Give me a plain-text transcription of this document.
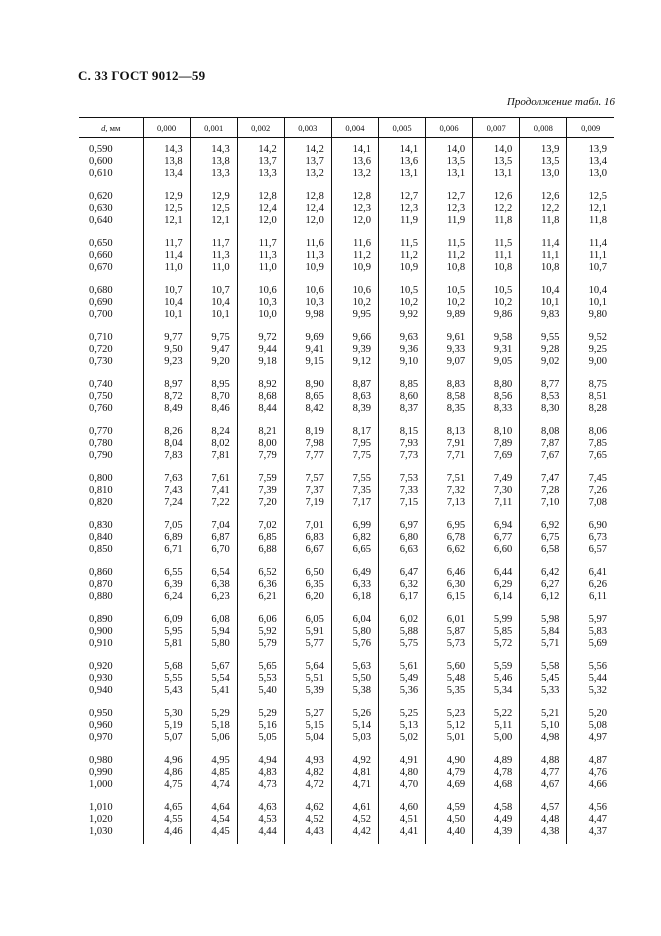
С. 33 ГОСТ 9012—59
Продолжение табл. 16
d, мм	0,000	0,001	0,002	0,003	0,004	0,005	0,006	0,007	0,008	0,009

0,590	14,3	14,3	14,2	14,2	14,1	14,1	14,0	14,0	13,9	13,9
0,600	13,8	13,8	13,7	13,7	13,6	13,6	13,5	13,5	13,5	13,4
0,610	13,4	13,3	13,3	13,2	13,2	13,1	13,1	13,1	13,0	13,0

0,620	12,9	12,9	12,8	12,8	12,8	12,7	12,7	12,6	12,6	12,5
0,630	12,5	12,5	12,4	12,4	12,3	12,3	12,3	12,2	12,2	12,1
0,640	12,1	12,1	12,0	12,0	12,0	11,9	11,9	11,8	11,8	11,8

0,650	11,7	11,7	11,7	11,6	11,6	11,5	11,5	11,5	11,4	11,4
0,660	11,4	11,3	11,3	11,3	11,2	11,2	11,2	11,1	11,1	11,1
0,670	11,0	11,0	11,0	10,9	10,9	10,9	10,8	10,8	10,8	10,7

0,680	10,7	10,7	10,6	10,6	10,6	10,5	10,5	10,5	10,4	10,4
0,690	10,4	10,4	10,3	10,3	10,2	10,2	10,2	10,2	10,1	10,1
0,700	10,1	10,1	10,0	9,98	9,95	9,92	9,89	9,86	9,83	9,80

0,710	9,77	9,75	9,72	9,69	9,66	9,63	9,61	9,58	9,55	9,52
0,720	9,50	9,47	9,44	9,41	9,39	9,36	9,33	9,31	9,28	9,25
0,730	9,23	9,20	9,18	9,15	9,12	9,10	9,07	9,05	9,02	9,00

0,740	8,97	8,95	8,92	8,90	8,87	8,85	8,83	8,80	8,77	8,75
0,750	8,72	8,70	8,68	8,65	8,63	8,60	8,58	8,56	8,53	8,51
0,760	8,49	8,46	8,44	8,42	8,39	8,37	8,35	8,33	8,30	8,28

0,770	8,26	8,24	8,21	8,19	8,17	8,15	8,13	8,10	8,08	8,06
0,780	8,04	8,02	8,00	7,98	7,95	7,93	7,91	7,89	7,87	7,85
0,790	7,83	7,81	7,79	7,77	7,75	7,73	7,71	7,69	7,67	7,65

0,800	7,63	7,61	7,59	7,57	7,55	7,53	7,51	7,49	7,47	7,45
0,810	7,43	7,41	7,39	7,37	7,35	7,33	7,32	7,30	7,28	7,26
0,820	7,24	7,22	7,20	7,19	7,17	7,15	7,13	7,11	7,10	7,08

0,830	7,05	7,04	7,02	7,01	6,99	6,97	6,95	6,94	6,92	6,90
0,840	6,89	6,87	6,85	6,83	6,82	6,80	6,78	6,77	6,75	6,73
0,850	6,71	6,70	6,88	6,67	6,65	6,63	6,62	6,60	6,58	6,57

0,860	6,55	6,54	6,52	6,50	6,49	6,47	6,46	6,44	6,42	6,41
0,870	6,39	6,38	6,36	6,35	6,33	6,32	6,30	6,29	6,27	6,26
0,880	6,24	6,23	6,21	6,20	6,18	6,17	6,15	6,14	6,12	6,11

0,890	6,09	6,08	6,06	6,05	6,04	6,02	6,01	5,99	5,98	5,97
0,900	5,95	5,94	5,92	5,91	5,80	5,88	5,87	5,85	5,84	5,83
0,910	5,81	5,80	5,79	5,77	5,76	5,75	5,73	5,72	5,71	5,69

0,920	5,68	5,67	5,65	5,64	5,63	5,61	5,60	5,59	5,58	5,56
0,930	5,55	5,54	5,53	5,51	5,50	5,49	5,48	5,46	5,45	5,44
0,940	5,43	5,41	5,40	5,39	5,38	5,36	5,35	5,34	5,33	5,32

0,950	5,30	5,29	5,29	5,27	5,26	5,25	5,23	5,22	5,21	5,20
0,960	5,19	5,18	5,16	5,15	5,14	5,13	5,12	5,11	5,10	5,08
0,970	5,07	5,06	5,05	5,04	5,03	5,02	5,01	5,00	4,98	4,97

0,980	4,96	4,95	4,94	4,93	4,92	4,91	4,90	4,89	4,88	4,87
0,990	4,86	4,85	4,83	4,82	4,81	4,80	4,79	4,78	4,77	4,76
1,000	4,75	4,74	4,73	4,72	4,71	4,70	4,69	4,68	4,67	4,66

1,010	4,65	4,64	4,63	4,62	4,61	4,60	4,59	4,58	4,57	4,56
1,020	4,55	4,54	4,53	4,52	4,52	4,51	4,50	4,49	4,48	4,47
1,030	4,46	4,45	4,44	4,43	4,42	4,41	4,40	4,39	4,38	4,37
